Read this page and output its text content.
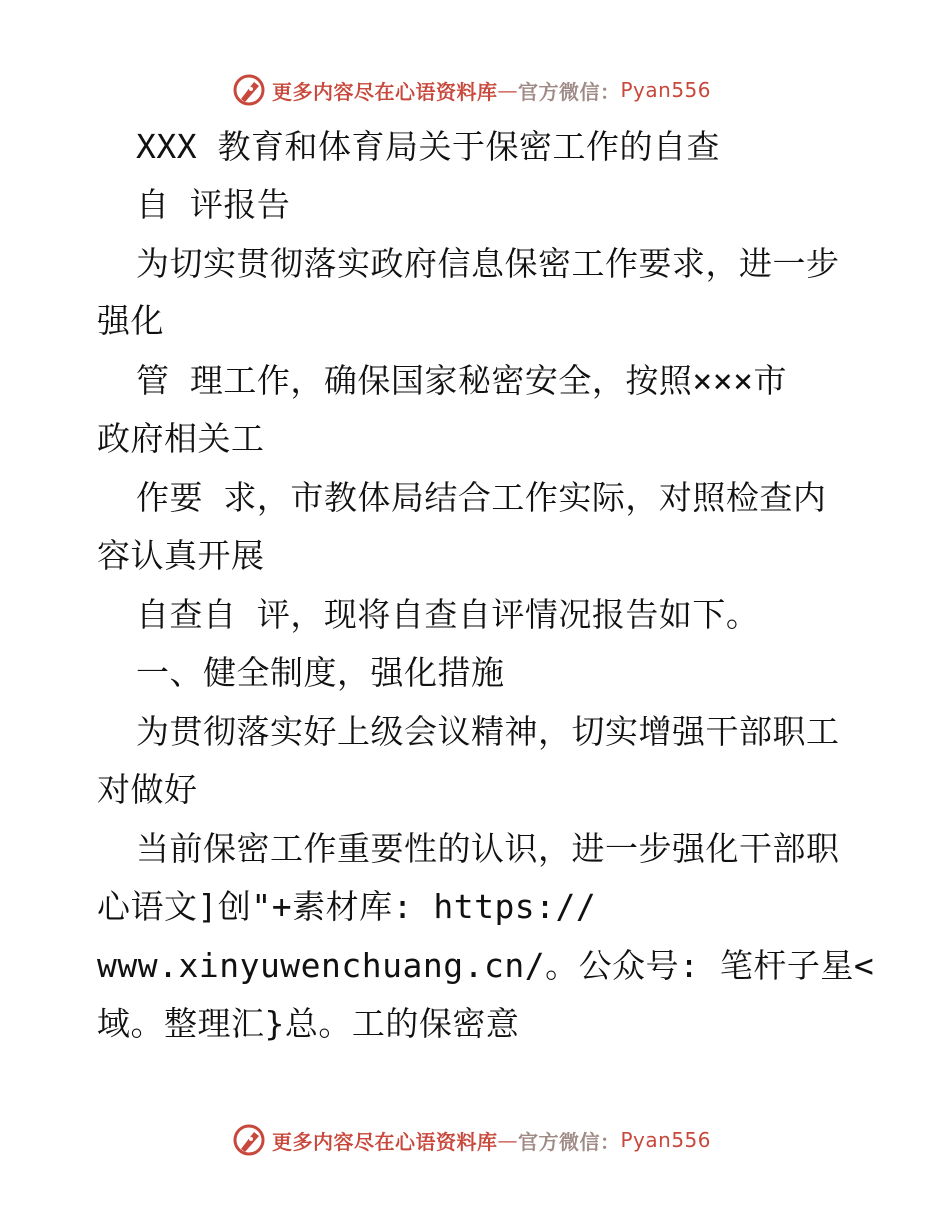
更多内容尽在心语资料库 — 官方微信： Pyan556
XXX 教育和体育局关于保密工作的自查
自 评报告
为切实贯彻落实政府信息保密工作要求，进一步
强化
管 理工作，确保国家秘密安全，按照×××市
政府相关工
作要 求，市教体局结合工作实际，对照检查内
容认真开展
自查自 评，现将自查自评情况报告如下。
一、健全制度，强化措施
为贯彻落实好上级会议精神，切实增强干部职工
对做好
当前保密工作重要性的认识，进一步强化干部职
心语文]创"+素材库: https://
www.xinyuwenchuang.cn/。公众号: 笔杆子星<
域。整理汇}总。工的保密意
更多内容尽在心语资料库 — 官方微信： Pyan556
